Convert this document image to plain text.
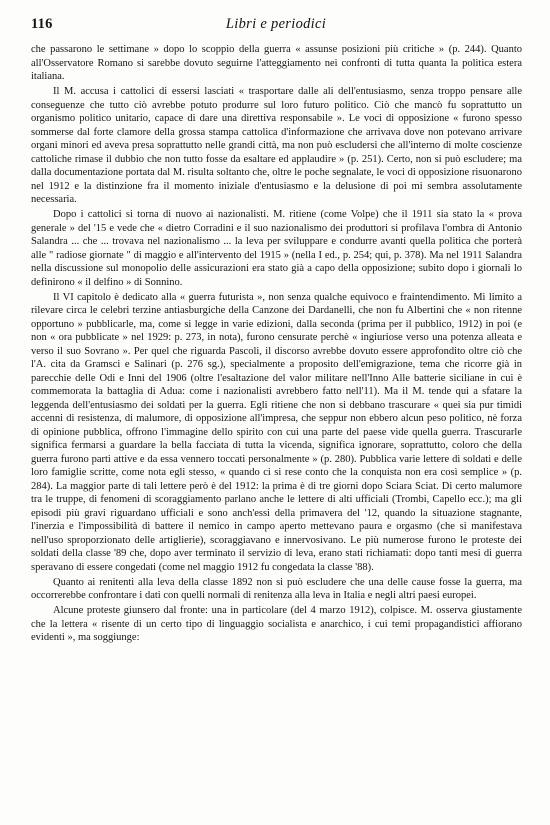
116	Libri e periodici

che passarono le settimane » dopo lo scoppio della guerra « assunse posizioni più critiche » (p. 244). Quanto all'Osservatore Romano si sarebbe dovuto seguirne l'atteggiamento nei confronti di tutta quanta la politica estera italiana.

Il M. accusa i cattolici di essersi lasciati « trasportare dalle ali dell'entusiasmo, senza troppo pensare alle conseguenze che tutto ciò avrebbe potuto produrre sul loro futuro politico. Ciò che mancò fu soprattutto un organismo politico unitario, capace di dare una direttiva responsabile ». Le voci di opposizione « furono spesso sommerse dal forte clamore della grossa stampa cattolica d'informazione che arrivava dove non potevano arrivare organi minori ed aveva presa soprattutto nelle grandi città, ma non può escludersi che all'interno di molte coscienze cattoliche rimase il dubbio che non tutto fosse da esaltare ed applaudire » (p. 251). Certo, non si può escludere; ma dalla documentazione portata dal M. risulta soltanto che, oltre le poche segnalate, le voci di opposizione risuonarono nel 1912 e la distinzione fra il momento iniziale d'entusiasmo e la delusione di poi mi sembra assolutamente necessaria.

Dopo i cattolici si torna di nuovo ai nazionalisti. M. ritiene (come Volpe) che il 1911 sia stato la « prova generale » del '15 e vede che « dietro Corradini e il suo nazionalismo dei produttori si profilava l'ombra di Antonio Salandra ... che ... trovava nel nazionalismo ... la leva per sviluppare e condurre avanti quella politica che porterà alle " radiose giornate " di maggio e all'intervento del 1915 » (nella I ed., p. 254; qui, p. 378). Ma nel 1911 Salandra nella discussione sul monopolio delle assicurazioni era stato già a capo della opposizione; subito dopo i giornali lo definirono « il delfino » di Sonnino.

Il VI capitolo è dedicato alla « guerra futurista », non senza qualche equivoco e fraintendimento. Mi limito a rilevare circa le celebri terzine antiasburgiche della Canzone dei Dardanelli, che non fu Albertini che « non ritenne opportuno » pubblicarle, ma, come si legge in varie edizioni, dalla seconda (prima per il pubblico, 1912) in poi (e non « ora pubblicate » nel 1929: p. 273, in nota), furono censurate perchè « ingiuriose verso una potenza alleata e verso il suo Sovrano ». Per quel che riguarda Pascoli, il discorso avrebbe dovuto essere approfondito oltre ciò che l'A. cita da Gramsci e Salinari (p. 276 sg.), specialmente a proposito dell'emigrazione, tema che ricorre già in parecchie delle Odi e Inni del 1906 (oltre l'esaltazione del valor militare nell'Inno Alle batterie siciliane in cui è commemorata la battaglia di Adua: come i nazionalisti avrebbero fatto nell'11). Ma il M. tende qui a sfatare la leggenda dell'entusiasmo dei soldati per la guerra. Egli ritiene che non si debbano trascurare « quei sia pur timidi accenni di resistenza, di malumore, di opposizione all'impresa, che seppur non ebbero alcun peso politico, nè forza di opinione pubblica, offrono l'immagine dello spirito con cui una parte del paese vide quella guerra. Trascurarle significa fermarsi a guardare la bella facciata di tutta la vicenda, significa ignorare, soprattutto, coloro che della guerra furono parti attive e da essa vennero toccati personalmente » (p. 280). Pubblica varie lettere di soldati e delle loro famiglie scritte, come nota egli stesso, « quando ci si rese conto che la conquista non era così semplice » (p. 284). La maggior parte di tali lettere però è del 1912: la prima è di tre giorni dopo Sciara Sciat. Di certo malumore tra le truppe, di fenomeni di scoraggiamento parlano anche le lettere di alti ufficiali (Trombi, Capello ecc.); ma gli episodi più gravi riguardano ufficiali e sono anch'essi della primavera del '12, quando la situazione stagnante, l'inerzia e l'impossibilità di battere il nemico in campo aperto mettevano paura e orgasmo (che si manifestava nell'uso sproporzionato delle artiglierie), scoraggiavano e innervosivano. Le più numerose furono le proteste dei soldati della classe '89 che, dopo aver terminato il servizio di leva, erano stati richiamati: dopo tanti mesi di guerra speravano di essere congedati (come nel maggio 1912 fu congedata la classe '88).

Quanto ai renitenti alla leva della classe 1892 non si può escludere che una delle cause fosse la guerra, ma occorrerebbe confrontare i dati con quelli normali di renitenza alla leva in Italia e negli altri paesi europei.

Alcune proteste giunsero dal fronte: una in particolare (del 4 marzo 1912), colpisce. M. osserva giustamente che la lettera « risente di un certo tipo di linguaggio socialista e anarchico, i cui temi propagandistici affiorano evidenti », ma soggiunge:
